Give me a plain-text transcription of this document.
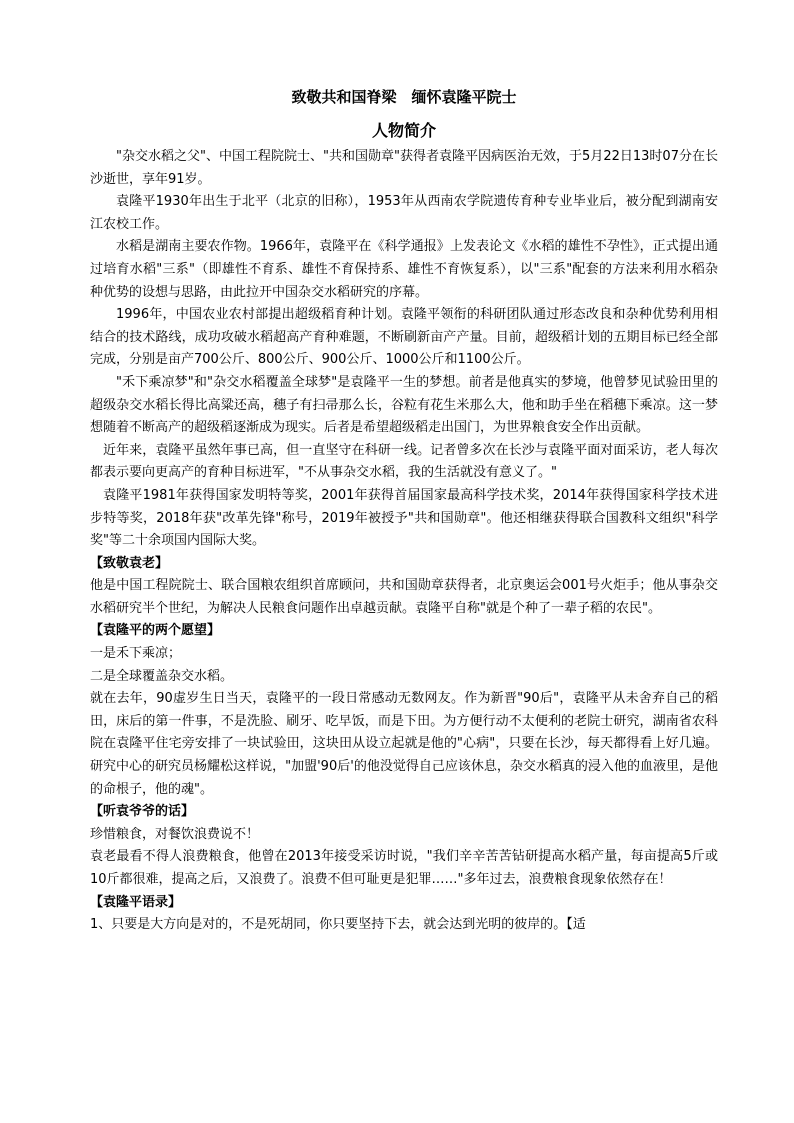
致敬共和国脊梁　缅怀袁隆平院士
人物简介

"杂交水稻之父"、中国工程院院士、"共和国勋章"获得者袁隆平因病医治无效，于5月22日13时07分在长沙逝世，享年91岁。

袁隆平1930年出生于北平（北京的旧称），1953年从西南农学院遗传育种专业毕业后，被分配到湖南安江农校工作。

水稻是湖南主要农作物。1966年，袁隆平在《科学通报》上发表论文《水稻的雄性不孕性》，正式提出通过培育水稻"三系"（即雄性不育系、雄性不育保持系、雄性不育恢复系），以"三系"配套的方法来利用水稻杂种优势的设想与思路，由此拉开中国杂交水稻研究的序幕。

1996年，中国农业农村部提出超级稻育种计划。袁隆平领衔的科研团队通过形态改良和杂种优势利用相结合的技术路线，成功攻破水稻超高产育种难题，不断刷新亩产产量。目前，超级稻计划的五期目标已经全部完成，分别是亩产700公斤、800公斤、900公斤、1000公斤和1100公斤。

"禾下乘凉梦"和"杂交水稻覆盖全球梦"是袁隆平一生的梦想。前者是他真实的梦境，他曾梦见试验田里的超级杂交水稻长得比高粱还高，穗子有扫帚那么长，谷粒有花生米那么大，他和助手坐在稻穗下乘凉。这一梦想随着不断高产的超级稻逐渐成为现实。后者是希望超级稻走出国门，为世界粮食安全作出贡献。

近年来，袁隆平虽然年事已高，但一直坚守在科研一线。记者曾多次在长沙与袁隆平面对面采访，老人每次都表示要向更高产的育种目标进军，"不从事杂交水稻，我的生活就没有意义了。"

袁隆平1981年获得国家发明特等奖，2001年获得首届国家最高科学技术奖，2014年获得国家科学技术进步特等奖，2018年获"改革先锋"称号，2019年被授予"共和国勋章"。他还相继获得联合国教科文组织"科学奖"等二十余项国内国际大奖。

【致敬袁老】

他是中国工程院院士、联合国粮农组织首席顾问，共和国勋章获得者，北京奥运会001号火炬手；他从事杂交水稻研究半个世纪，为解决人民粮食问题作出卓越贡献。袁隆平自称"就是个种了一辈子稻的农民"。

【袁隆平的两个愿望】

一是禾下乘凉；

二是全球覆盖杂交水稻。

就在去年，90虚岁生日当天，袁隆平的一段日常感动无数网友。作为新晋"90后"，袁隆平从未舍弃自己的稻田，床后的第一件事，不是洗脸、刷牙、吃早饭，而是下田。为方便行动不太便利的老院士研究，湖南省农科院在袁隆平住宅旁安排了一块试验田，这块田从设立起就是他的"心病"，只要在长沙，每天都得看上好几遍。研究中心的研究员杨耀松这样说，"加盟'90后'的他没觉得自己应该休息，杂交水稻真的浸入他的血液里，是他的命根子，他的魂"。

【听袁爷爷的话】

珍惜粮食，对餐饮浪费说不！

袁老最看不得人浪费粮食，他曾在2013年接受采访时说，"我们辛辛苦苦钻研提高水稻产量，每亩提高5斤或10斤都很难，提高之后，又浪费了。浪费不但可耻更是犯罪……"多年过去，浪费粮食现象依然存在！

【袁隆平语录】

1、只要是大方向是对的，不是死胡同，你只要坚持下去，就会达到光明的彼岸的。【适
